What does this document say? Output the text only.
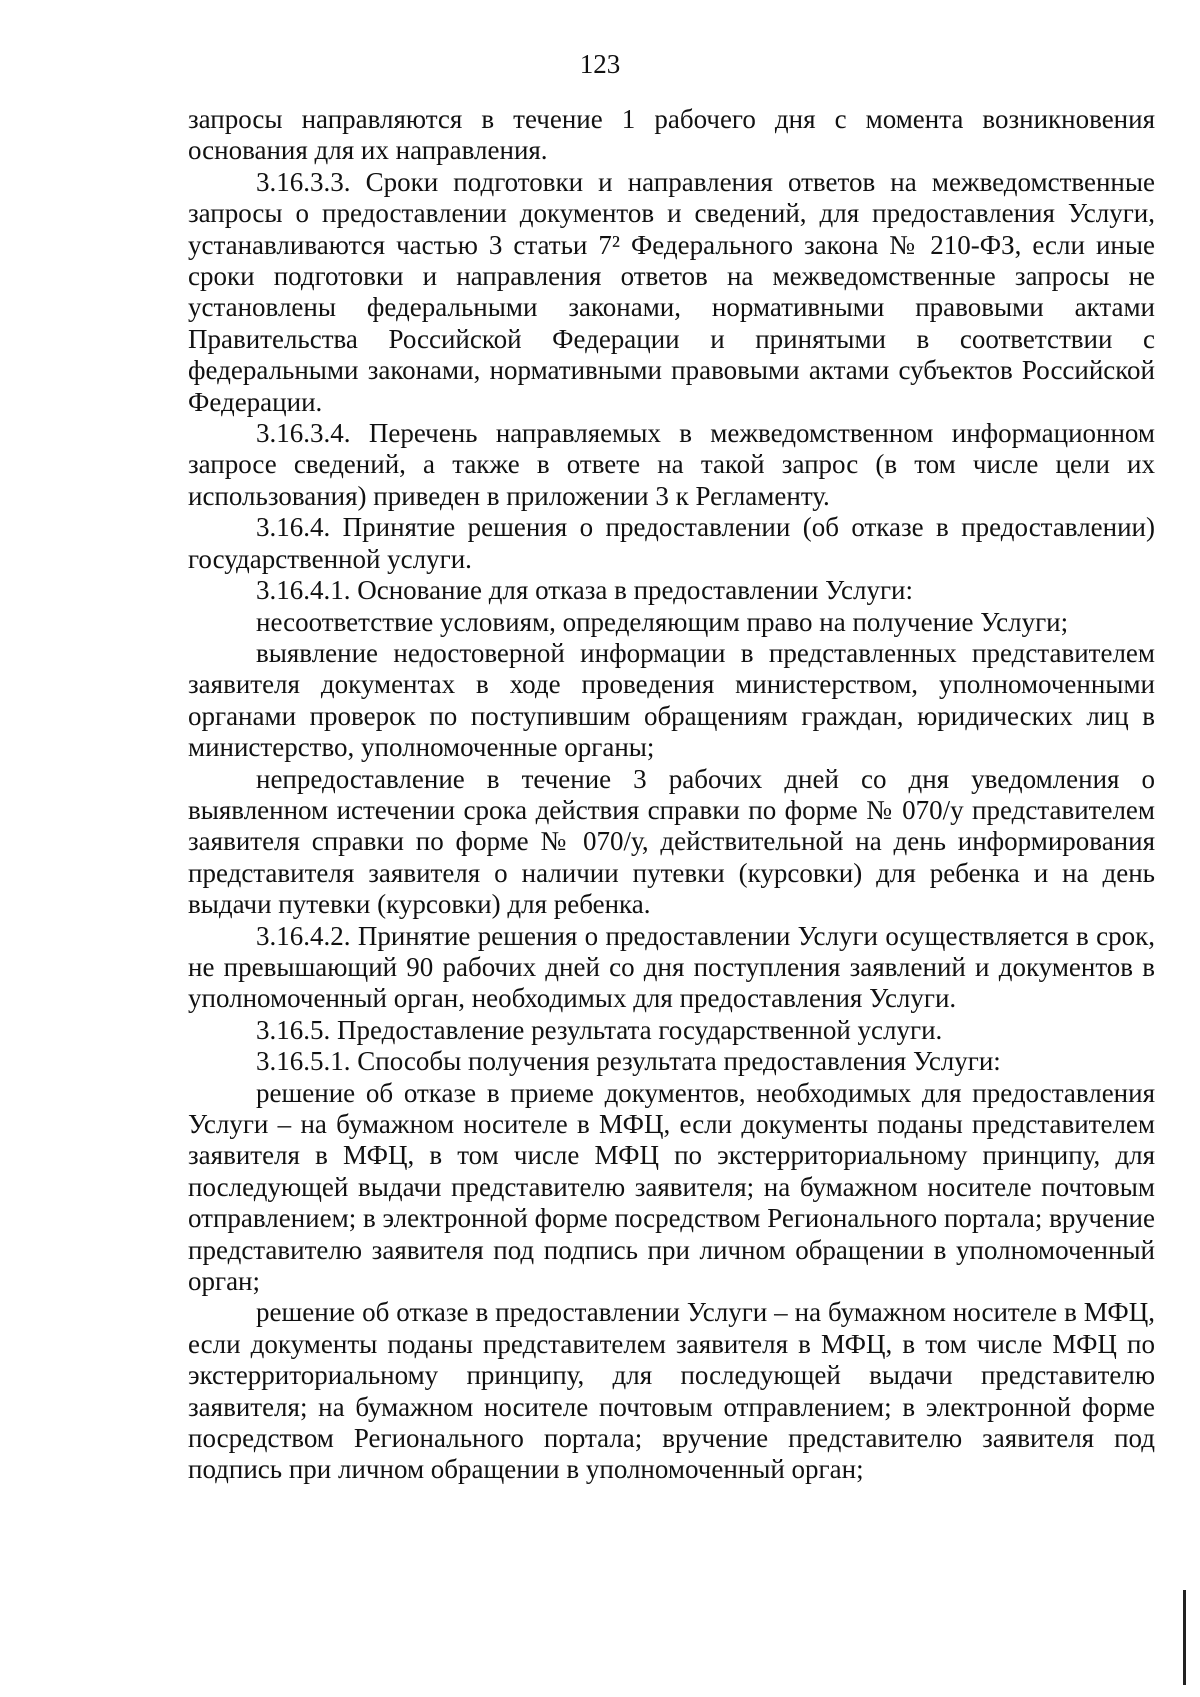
123

запросы направляются в течение 1 рабочего дня с момента возникновения основания для их направления.

3.16.3.3. Сроки подготовки и направления ответов на межведомственные запросы о предоставлении документов и сведений, для предоставления Услуги, устанавливаются частью 3 статьи 7² Федерального закона № 210-ФЗ, если иные сроки подготовки и направления ответов на межведомственные запросы не установлены федеральными законами, нормативными правовыми актами Правительства Российской Федерации и принятыми в соответствии с федеральными законами, нормативными правовыми актами субъектов Российской Федерации.

3.16.3.4. Перечень направляемых в межведомственном информационном запросе сведений, а также в ответе на такой запрос (в том числе цели их использования) приведен в приложении 3 к Регламенту.

3.16.4. Принятие решения о предоставлении (об отказе в предоставлении) государственной услуги.

3.16.4.1. Основание для отказа в предоставлении Услуги:

несоответствие условиям, определяющим право на получение Услуги;

выявление недостоверной информации в представленных представителем заявителя документах в ходе проведения министерством, уполномоченными органами проверок по поступившим обращениям граждан, юридических лиц в министерство, уполномоченные органы;

непредоставление в течение 3 рабочих дней со дня уведомления о выявленном истечении срока действия справки по форме № 070/у представителем заявителя справки по форме № 070/у, действительной на день информирования представителя заявителя о наличии путевки (курсовки) для ребенка и на день выдачи путевки (курсовки) для ребенка.

3.16.4.2. Принятие решения о предоставлении Услуги осуществляется в срок, не превышающий 90 рабочих дней со дня поступления заявлений и документов в уполномоченный орган, необходимых для предоставления Услуги.

3.16.5. Предоставление результата государственной услуги.

3.16.5.1. Способы получения результата предоставления Услуги:

решение об отказе в приеме документов, необходимых для предоставления Услуги – на бумажном носителе в МФЦ, если документы поданы представителем заявителя в МФЦ, в том числе МФЦ по экстерриториальному принципу, для последующей выдачи представителю заявителя; на бумажном носителе почтовым отправлением; в электронной форме посредством Регионального портала; вручение представителю заявителя под подпись при личном обращении в уполномоченный орган;

решение об отказе в предоставлении Услуги – на бумажном носителе в МФЦ, если документы поданы представителем заявителя в МФЦ, в том числе МФЦ по экстерриториальному принципу, для последующей выдачи представителю заявителя; на бумажном носителе почтовым отправлением; в электронной форме посредством Регионального портала; вручение представителю заявителя под подпись при личном обращении в уполномоченный орган;
